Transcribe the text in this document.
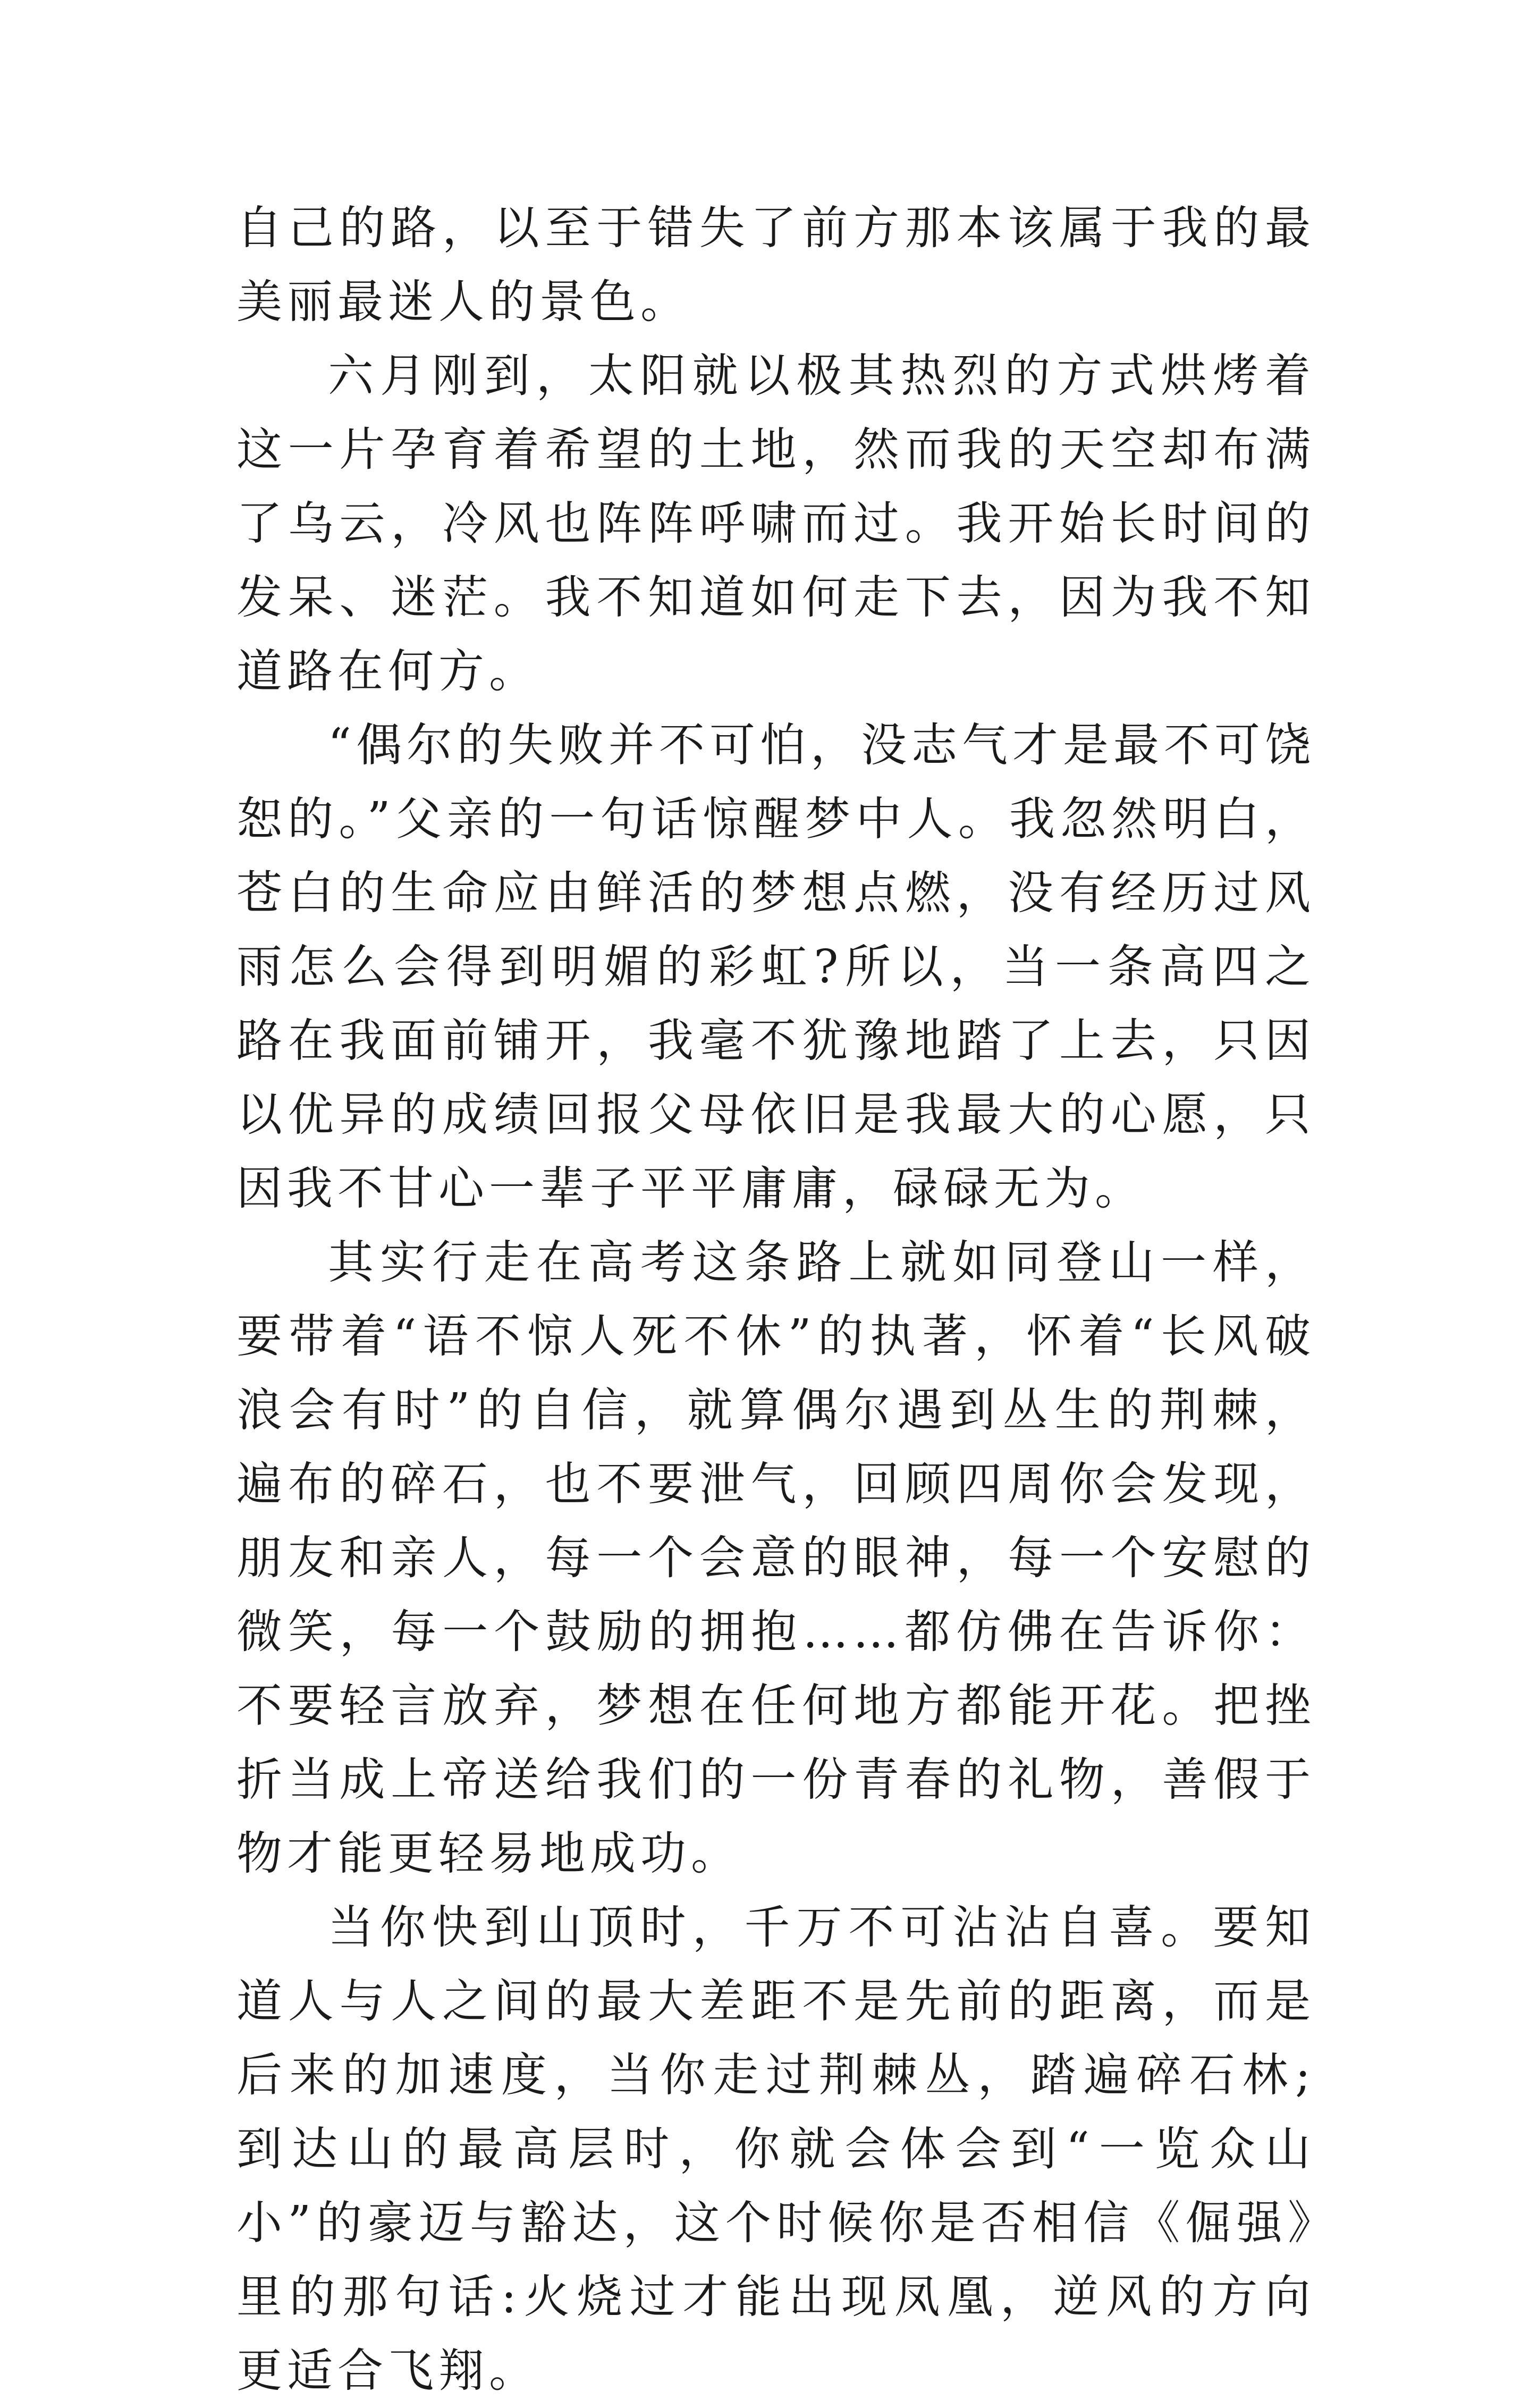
自己的路，以至于错失了前方那本该属于我的最美丽最迷人的景色。

六月刚到，太阳就以极其热烈的方式烘烤着这一片孕育着希望的土地，然而我的天空却布满了乌云，冷风也阵阵呼啸而过。我开始长时间的发呆、迷茫。我不知道如何走下去，因为我不知道路在何方。

“偶尔的失败并不可怕，没志气才是最不可饶恕的。”父亲的一句话惊醒梦中人。我忽然明白，苍白的生命应由鲜活的梦想点燃，没有经历过风雨怎么会得到明媚的彩虹?所以，当一条高四之路在我面前铺开，我毫不犹豫地踏了上去，只因以优异的成绩回报父母依旧是我最大的心愿，只因我不甘心一辈子平平庸庸，碌碌无为。

其实行走在高考这条路上就如同登山一样，要带着“语不惊人死不休”的执著，怀着“长风破浪会有时”的自信，就算偶尔遇到丛生的荆棘，遍布的碎石，也不要泄气，回顾四周你会发现，朋友和亲人，每一个会意的眼神，每一个安慰的微笑，每一个鼓励的拥抱……都仿佛在告诉你：不要轻言放弃，梦想在任何地方都能开花。把挫折当成上帝送给我们的一份青春的礼物，善假于物才能更轻易地成功。

当你快到山顶时，千万不可沾沾自喜。要知道人与人之间的最大差距不是先前的距离，而是后来的加速度，当你走过荆棘丛，踏遍碎石林;到达山的最高层时，你就会体会到“一览众山小”的豪迈与豁达，这个时候你是否相信《倔强》里的那句话:火烧过才能出现凤凰，逆风的方向更适合飞翔。
